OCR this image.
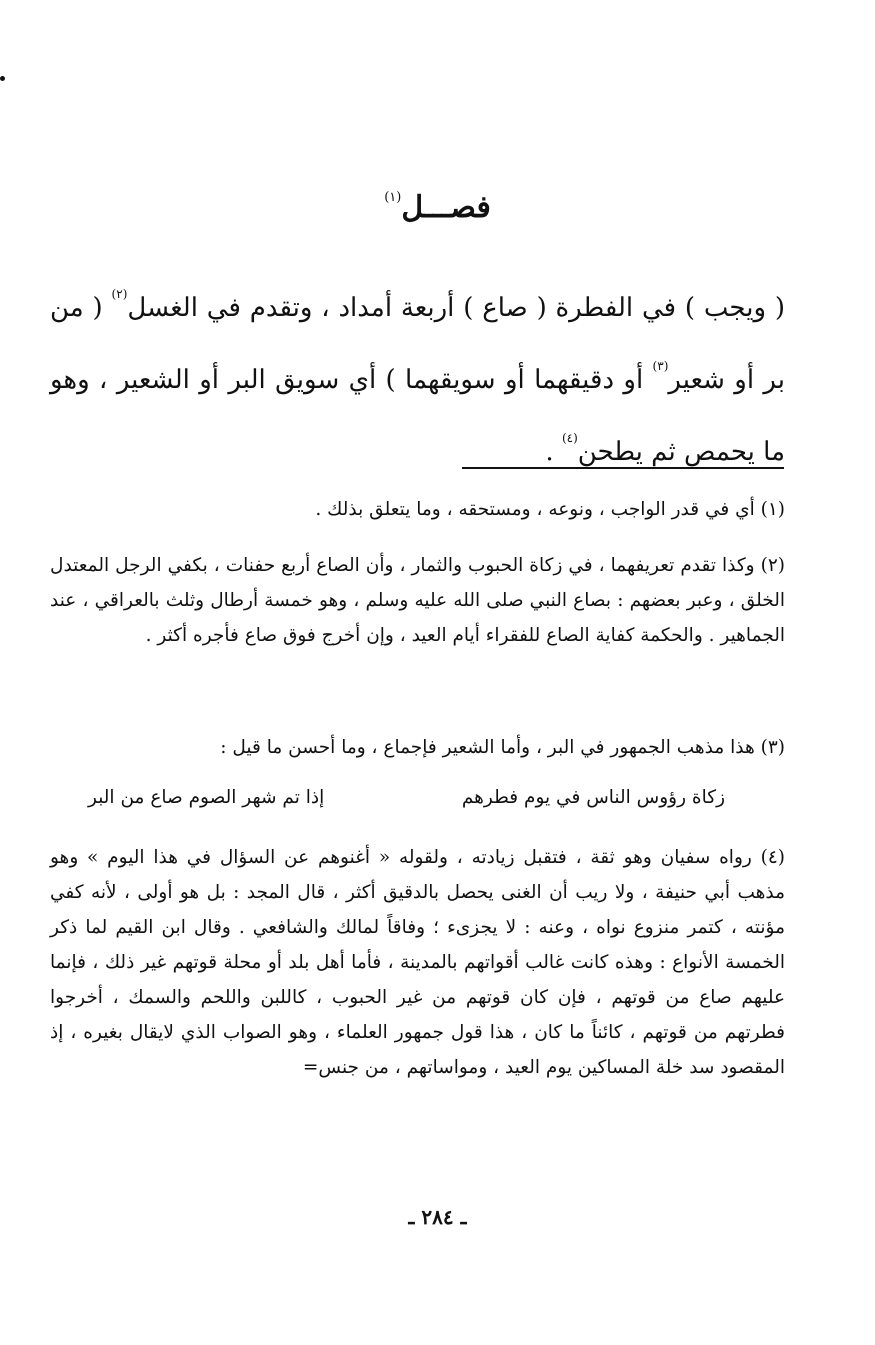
فصـــل$^{(١)}$
( ويجب ) في الفطرة ( صاع ) أربعة أمداد ، وتقدم في الغسل$^{(٢)}$ ( من بر أو شعير$^{(٣)}$ أو دقيقهما أو سويقهما ) أي سويق البر أو الشعير ، وهو ما يحمص ثم يطحن$^{(٤)}$ .
(١) أي في قدر الواجب ، ونوعه ، ومستحقه ، وما يتعلق بذلك .
(٢) وكذا تقدم تعريفهما ، في زكاة الحبوب والثمار ، وأن الصاع أربع حفنات ، بكفي الرجل المعتدل الخلق ، وعبر بعضهم : بصاع النبي صلى الله عليه وسلم ، وهو خمسة أرطال وثلث بالعراقي ، عند الجماهير . والحكمة كفاية الصاع للفقراء أيام العيد ، وإن أخرج فوق صاع فأجره أكثر .
(٣) هذا مذهب الجمهور في البر ، وأما الشعير فإجماع ، وما أحسن ما قيل :
زكاة رؤوس الناس في يوم فطرهم
إذا تم شهر الصوم صاع من البر
(٤) رواه سفيان وهو ثقة ، فتقبل زيادته ، ولقوله « أغنوهم عن السؤال في هذا اليوم » وهو مذهب أبي حنيفة ، ولا ريب أن الغنى يحصل بالدقيق أكثر ، قال المجد : بل هو أولى ، لأنه كفي مؤنته ، كتمر منزوع نواه ، وعنه : لا يجزىء ؛ وفاقاً لمالك والشافعي . وقال ابن القيم لما ذكر الخمسة الأنواع : وهذه كانت غالب أقواتهم بالمدينة ، فأما أهل بلد أو محلة قوتهم غير ذلك ، فإنما عليهم صاع من قوتهم ، فإن كان قوتهم من غير الحبوب ، كاللبن واللحم والسمك ، أخرجوا فطرتهم من قوتهم ، كائناً ما كان ، هذا قول جمهور العلماء ، وهو الصواب الذي لايقال بغيره ، إذ المقصود سد خلة المساكين يوم العيد ، ومواساتهم ، من جنس=
ـ ٢٨٤ ـ
